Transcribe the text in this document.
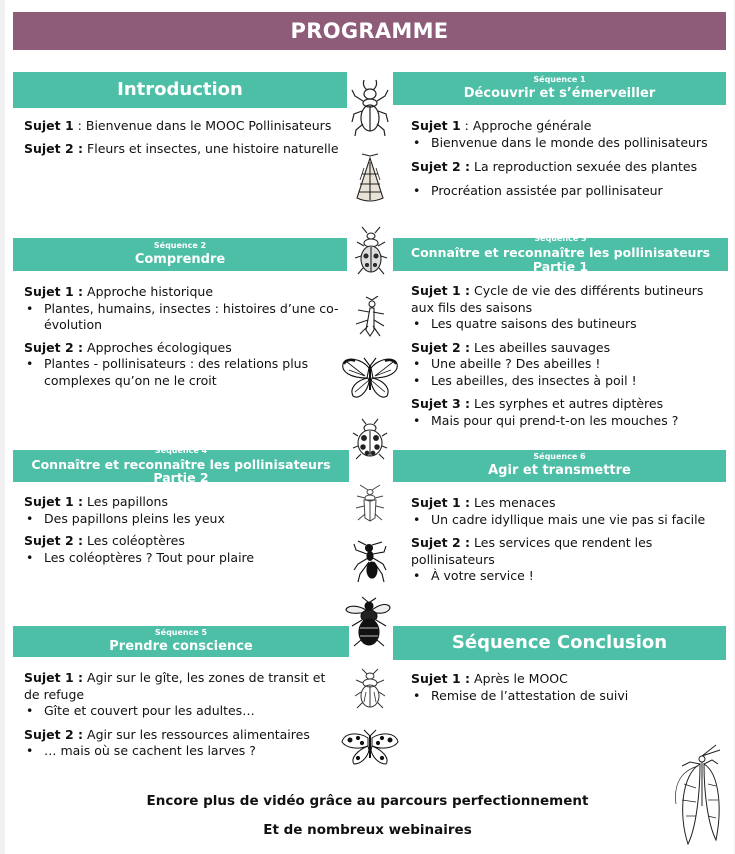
PROGRAMME
Introduction	Séquence 1
Découvrir et s’émerveiller

Sujet 1 : Bienvenue dans le MOOC Pollinisateurs

Sujet 2 : Fleurs et insectes, une histoire naturelle

Sujet 1 : Approche générale

• Bienvenue dans le monde des pollinisateurs

Sujet 2 : La reproduction sexuée des plantes

• Procréation assistée par pollinisateur

Séquence 2
Comprendre
Séquence 3
Connaître et reconnaître les pollinisateurs Partie 1

Sujet 1 : Approche historique

• Plantes, humains, insectes : histoires d’une co-évolution

Sujet 2 : Approches écologiques

• Plantes - pollinisateurs : des relations plus complexes qu’on ne le croit

Sujet 1 : Cycle de vie des différents butineurs aux fils des saisons

• Les quatre saisons des butineurs

Sujet 2 : Les abeilles sauvages

• Une abeille ? Des abeilles !

• Les abeilles, des insectes à poil !

Sujet 3 : Les syrphes et autres diptères

• Mais pour qui prend-t-on les mouches ?

Séquence 4
Connaître et reconnaître les pollinisateurs Partie 2
Séquence 6
Agir et transmettre

Sujet 1 : Les papillons

• Des papillons pleins les yeux

Sujet 2 : Les coléoptères

• Les coléoptères ? Tout pour plaire

Sujet 1 : Les menaces

• Un cadre idyllique mais une vie pas si facile

Sujet 2 : Les services que rendent les pollinisateurs

• À votre service !

Séquence 5
Prendre conscience	Séquence Conclusion

Sujet 1 : Agir sur le gîte, les zones de transit et de refuge

• Gîte et couvert pour les adultes…

Sujet 2 : Agir sur les ressources alimentaires

• … mais où se cachent les larves ?

Sujet 1 : Après le MOOC

• Remise de l’attestation de suivi

Encore plus de vidéo grâce au parcours perfectionnement
Et de nombreux webinaires
